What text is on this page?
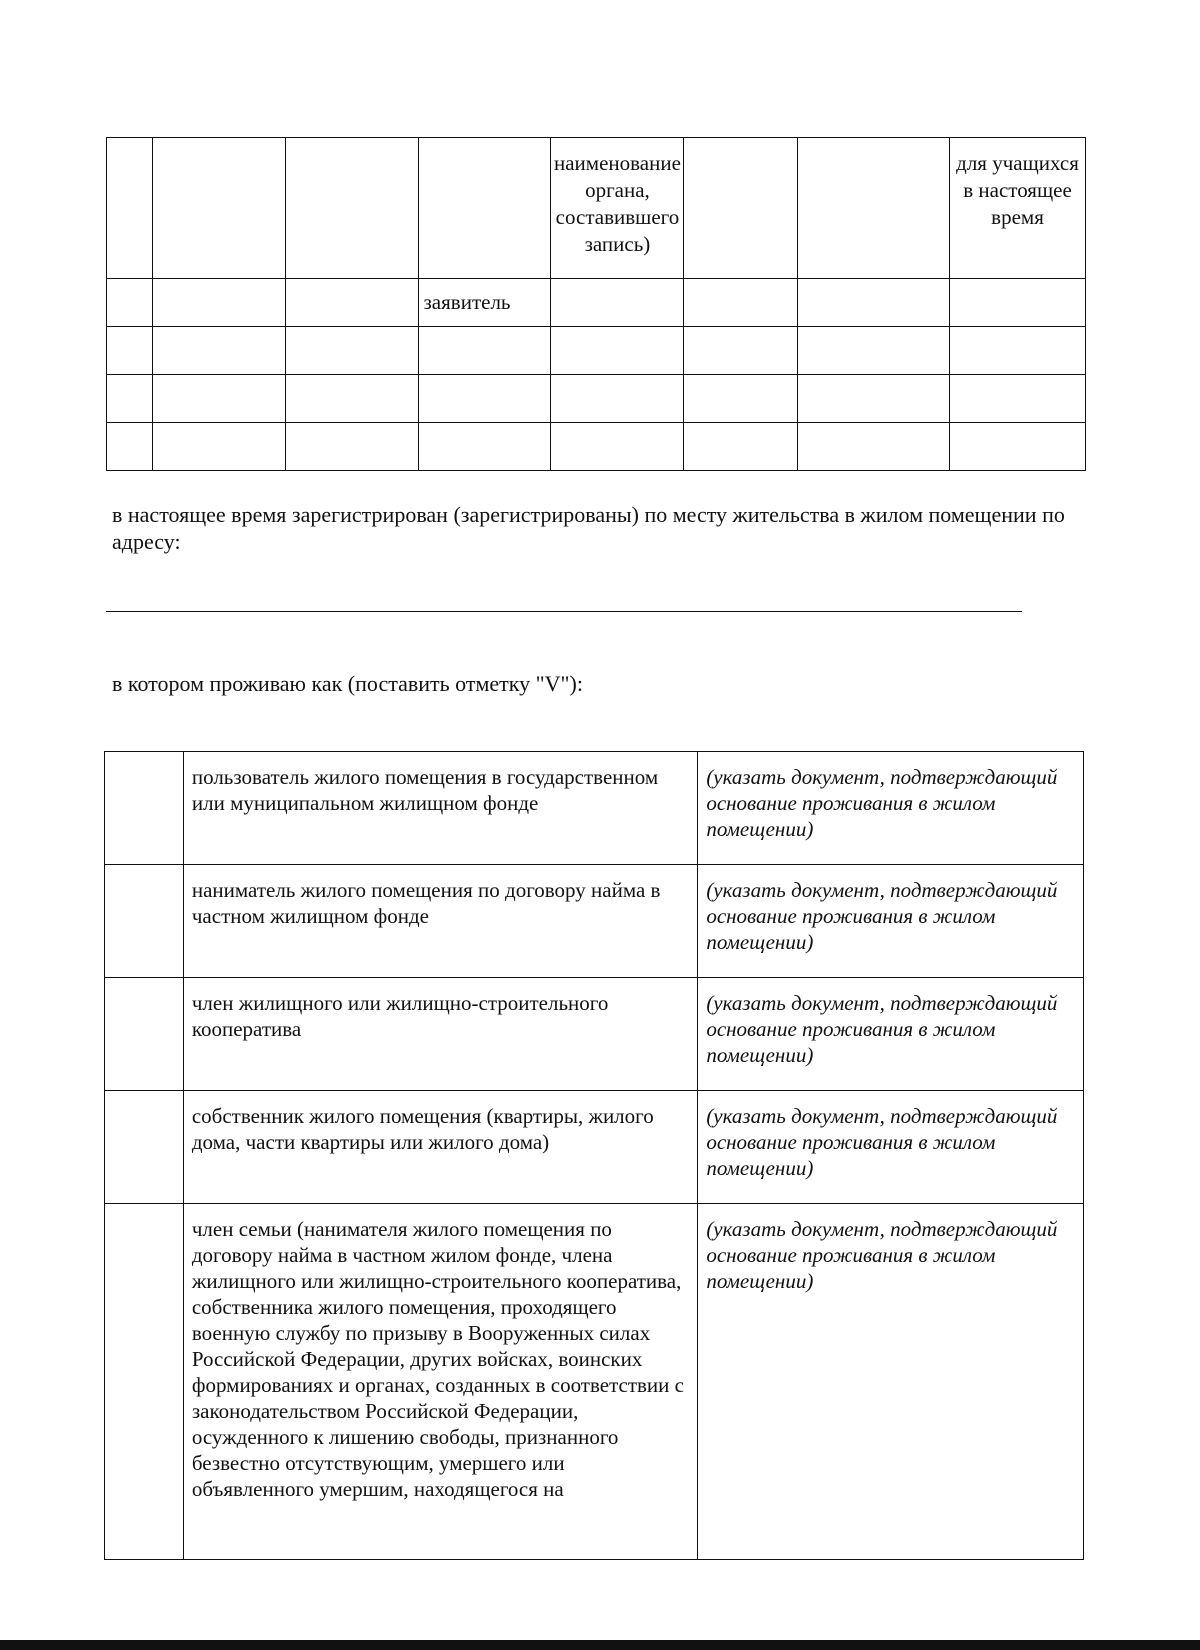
				наименование органа, составившего запись)			для учащихся в настоящее время
			заявитель				

в настоящее время зарегистрирован (зарегистрированы) по месту жительства в жилом помещении по адресу:
в котором проживаю как (поставить отметку "V"):
	пользователь жилого помещения в государственном или муниципальном жилищном фонде	(указать документ, подтверждающий основание проживания в жилом помещении)
	наниматель жилого помещения по договору найма в частном жилищном фонде	(указать документ, подтверждающий основание проживания в жилом помещении)
	член жилищного или жилищно-строительного кооператива	(указать документ, подтверждающий основание проживания в жилом помещении)
	собственник жилого помещения (квартиры, жилого дома, части квартиры или жилого дома)	(указать документ, подтверждающий основание проживания в жилом помещении)
	член семьи (нанимателя жилого помещения по договору найма в частном жилом фонде, члена жилищного или жилищно-строительного кооператива, собственника жилого помещения, проходящего военную службу по призыву в Вооруженных силах Российской Федерации, других войсках, воинских формированиях и органах, созданных в соответствии с законодательством Российской Федерации, осужденного к лишению свободы, признанного безвестно отсутствующим, умершего или объявленного умершим, находящегося на	(указать документ, подтверждающий основание проживания в жилом помещении)
